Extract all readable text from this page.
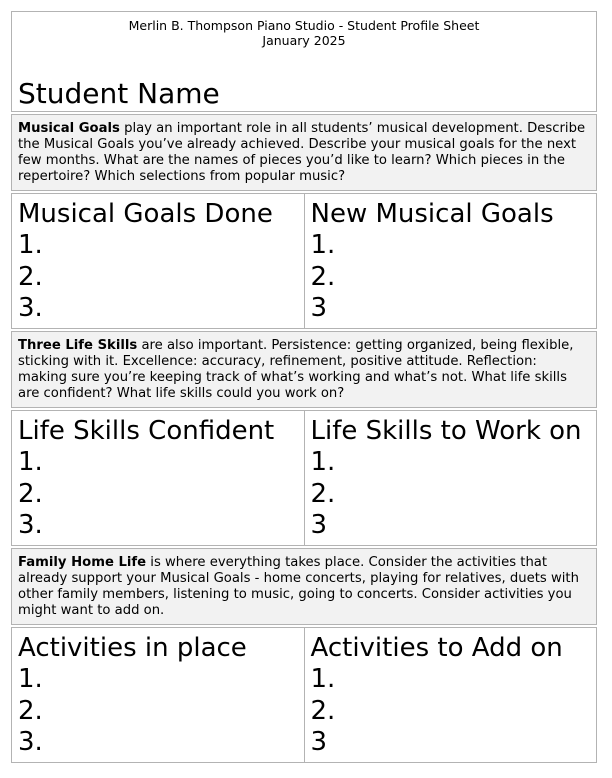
Merlin B. Thompson Piano Studio - Student Profile Sheet
January 2025
Student Name
Musical Goals play an important role in all students’ musical development. Describe the Musical Goals you’ve already achieved. Describe your musical goals for the next few months. What are the names of pieces you’d like to learn? Which pieces in the repertoire? Which selections from popular music?
Musical Goals Done
1.
2.
3.
New Musical Goals
1.
2.
3
Three Life Skills are also important. Persistence: getting organized, being flexible, sticking with it. Excellence: accuracy, refinement, positive attitude. Reflection: making sure you’re keeping track of what’s working and what’s not. What life skills are confident? What life skills could you work on?
Life Skills Confident
1.
2.
3.
Life Skills to Work on
1.
2.
3
Family Home Life is where everything takes place. Consider the activities that already support your Musical Goals - home concerts, playing for relatives, duets with other family members, listening to music, going to concerts. Consider activities you might want to add on.
Activities in place
1.
2.
3.
Activities to Add on
1.
2.
3
